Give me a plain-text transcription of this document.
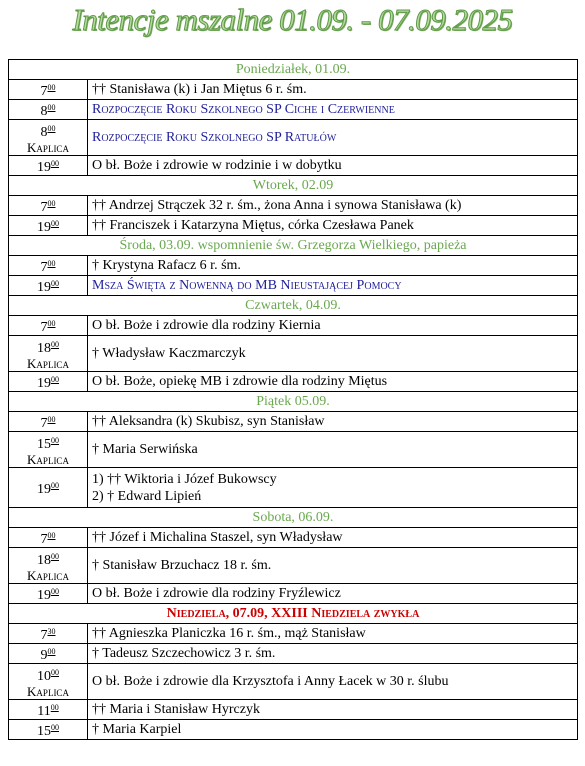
Intencje mszalne 01.09. - 07.09.2025
Poniedziałek, 01.09.	
$7^{00}$	†† Stanisława (k) i Jan Miętus 6 r. śm.
$8^{00}$	Rozpoczęcie Roku Szkolnego SP Ciche i Czerwienne
$8^{00}$
Kaplica	Rozpoczęcie Roku Szkolnego SP Ratułów
$19^{00}$	O bł. Boże i zdrowie w rodzinie i w dobytku
Wtorek, 02.09	
$7^{00}$	†† Andrzej Strączek 32 r. śm., żona Anna i synowa Stanisława (k)
$19^{00}$	†† Franciszek i Katarzyna Miętus, córka Czesława Panek
Środa, 03.09. wspomnienie św. Grzegorza Wielkiego, papieża	
$7^{00}$	† Krystyna Rafacz 6 r. śm.
$19^{00}$	Msza Święta z Nowenną do MB Nieustającej Pomocy
Czwartek, 04.09.	
$7^{00}$	O bł. Boże i zdrowie dla rodziny Kiernia
$18^{00}$
Kaplica	† Władysław Kaczmarczyk
$19^{00}$	O bł. Boże, opiekę MB i zdrowie dla rodziny Miętus
Piątek 05.09.	
$7^{00}$	†† Aleksandra (k) Skubisz, syn Stanisław
$15^{00}$
Kaplica	† Maria Serwińska
$19^{00}$	1) †† Wiktoria i Józef Bukowscy
2) † Edward Lipień

Sobota, 06.09.	
$7^{00}$	†† Józef i Michalina Staszel, syn Władysław
$18^{00}$
Kaplica	† Stanisław Brzuchacz 18 r. śm.
$19^{00}$	O bł. Boże i zdrowie dla rodziny Fryźlewicz
Niedziela, 07.09, XXIII Niedziela zwykła	
$7^{30}$	†† Agnieszka Planiczka 16 r. śm., mąż Stanisław
$9^{00}$	† Tadeusz Szczechowicz 3 r. śm.
$10^{00}$
Kaplica	O bł. Boże i zdrowie dla Krzysztofa i Anny Łacek w 30 r. ślubu
$11^{00}$	†† Maria i Stanisław Hyrczyk
$15^{00}$	† Maria Karpiel
